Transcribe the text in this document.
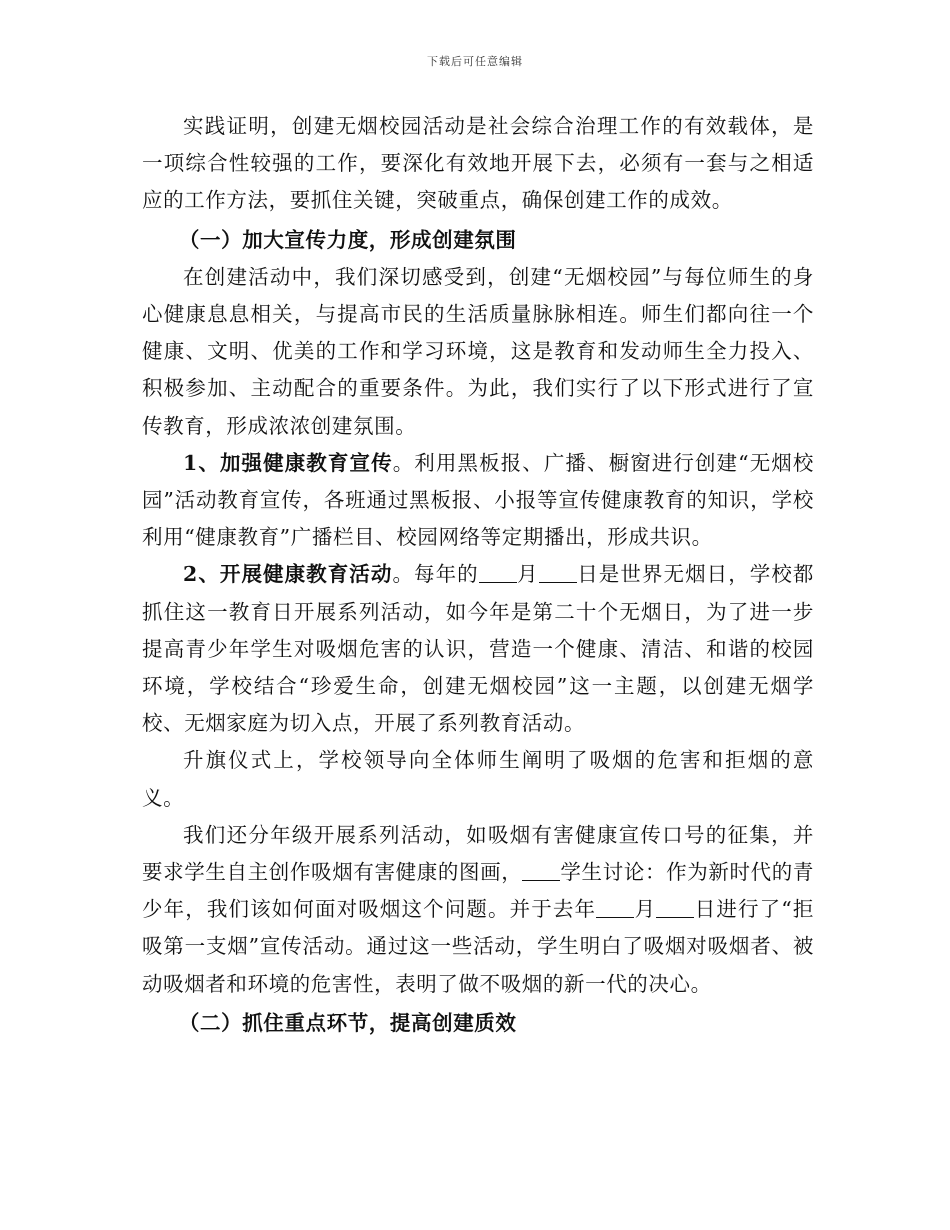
下载后可任意编辑

实践证明，创建无烟校园活动是社会综合治理工作的有效载体，是一项综合性较强的工作，要深化有效地开展下去，必须有一套与之相适应的工作方法，要抓住关键，突破重点，确保创建工作的成效。

（一）加大宣传力度，形成创建氛围

在创建活动中，我们深切感受到，创建“无烟校园”与每位师生的身心健康息息相关，与提高市民的生活质量脉脉相连。师生们都向往一个健康、文明、优美的工作和学习环境，这是教育和发动师生全力投入、积极参加、主动配合的重要条件。为此，我们实行了以下形式进行了宣传教育，形成浓浓创建氛围。

1、加强健康教育宣传。利用黑板报、广播、橱窗进行创建“无烟校园”活动教育宣传，各班通过黑板报、小报等宣传健康教育的知识，学校利用“健康教育”广播栏目、校园网络等定期播出，形成共识。

2、开展健康教育活动。每年的 月 日是世界无烟日，学校都抓住这一教育日开展系列活动，如今年是第二十个无烟日，为了进一步提高青少年学生对吸烟危害的认识，营造一个健康、清洁、和谐的校园环境，学校结合“珍爱生命，创建无烟校园”这一主题，以创建无烟学校、无烟家庭为切入点，开展了系列教育活动。

升旗仪式上，学校领导向全体师生阐明了吸烟的危害和拒烟的意义。

我们还分年级开展系列活动，如吸烟有害健康宣传口号的征集，并要求学生自主创作吸烟有害健康的图画， 学生讨论：作为新时代的青少年，我们该如何面对吸烟这个问题。并于去年 月 日进行了“拒吸第一支烟”宣传活动。通过这一些活动，学生明白了吸烟对吸烟者、被动吸烟者和环境的危害性，表明了做不吸烟的新一代的决心。

（二）抓住重点环节，提高创建质效
